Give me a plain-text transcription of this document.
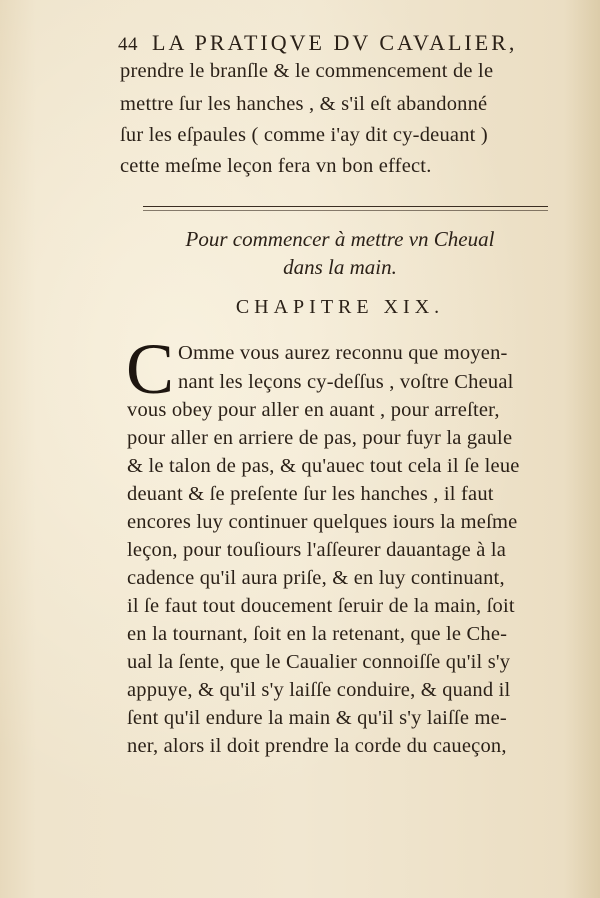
44 LA PRATIQVE DV CAVALIER,
prendre le branſle & le commencement de le
mettre ſur les hanches , & s'il eſt abandonné
ſur les eſpaules ( comme i'ay dit cy-deuant )
cette meſme leçon fera vn bon effect.
Pour commencer à mettre vn Cheual
dans la main.
CHAPITRE XIX.
C Omme vous aurez reconnu que moyen-
nant les leçons cy-deſſus , voſtre Cheual
vous obey pour aller en auant , pour arreſter,
pour aller en arriere de pas, pour fuyr la gaule
& le talon de pas, & qu'auec tout cela il ſe leue
deuant & ſe preſente ſur les hanches , il faut
encores luy continuer quelques iours la meſme
leçon, pour touſiours l'aſſeurer dauantage à la
cadence qu'il aura priſe, & en luy continuant,
il ſe faut tout doucement ſeruir de la main, ſoit
en la tournant, ſoit en la retenant, que le Che-
ual la ſente, que le Caualier connoiſſe qu'il s'y
appuye, & qu'il s'y laiſſe conduire, & quand il
ſent qu'il endure la main & qu'il s'y laiſſe me-
ner, alors il doit prendre la corde du caueçon,
